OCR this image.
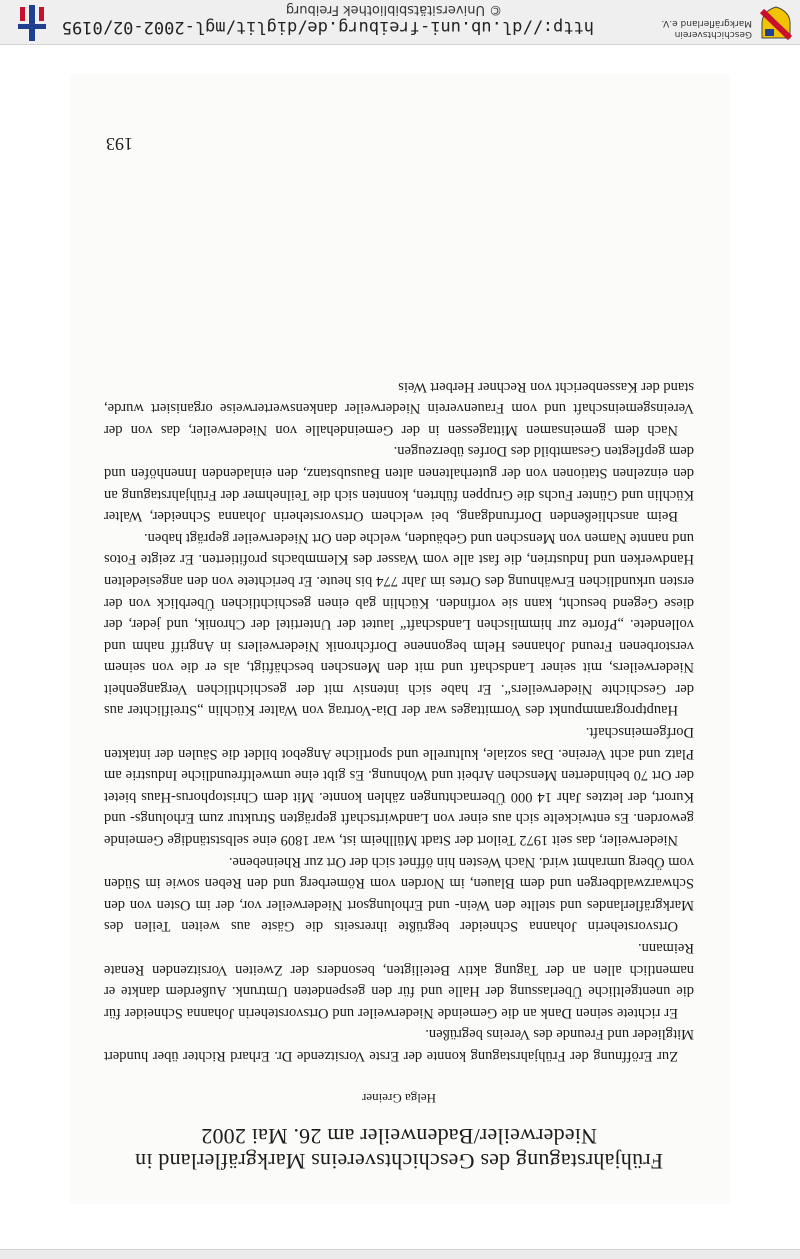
Frühjahrstagung des Geschichtsvereins Markgräflerland in Niederweiler/Badenweiler am 26. Mai 2002
Helga Greiner

Zur Eröffnung der Frühjahrstagung konnte der Erste Vorsitzende Dr. Erhard Richter über hundert Mitglieder und Freunde des Vereins begrüßen.

Er richtete seinen Dank an die Gemeinde Niederweiler und Ortsvorsteherin Johanna Schneider für die unentgeltliche Überlassung der Halle und für den gespendeten Umtrunk. Außerdem dankte er namentlich allen an der Tagung aktiv Beteiligten, besonders der Zweiten Vorsitzenden Renate Reimann.

Ortsvorsteherin Johanna Schneider begrüßte ihrerseits die Gäste aus weiten Teilen des Markgräflerlandes und stellte den Wein- und Erholungsort Niederweiler vor, der im Osten von den Schwarzwaldbergen und dem Blauen, im Norden vom Römerberg und den Reben sowie im Süden vom Öberg umrahmt wird. Nach Westen hin öffnet sich der Ort zur Rheinebene.

Niederweiler, das seit 1972 Teilort der Stadt Müllheim ist, war 1809 eine selbstständige Gemeinde geworden. Es entwickelte sich aus einer von Landwirtschaft geprägten Struktur zum Erholungs- und Kurort, der letztes Jahr 14 000 Übernachtungen zählen konnte. Mit dem Christophorus-Haus bietet der Ort 70 behinderten Menschen Arbeit und Wohnung. Es gibt eine umweltfreundliche Industrie am Platz und acht Vereine. Das soziale, kulturelle und sportliche Angebot bildet die Säulen der intakten Dorfgemeinschaft.

Hauptprogrammpunkt des Vormittages war der Dia-Vortrag von Walter Küchlin „Streiflichter aus der Geschichte Niederweilers“. Er habe sich intensiv mit der geschichtlichen Vergangenheit Niederweilers, mit seiner Landschaft und mit den Menschen beschäftigt, als er die von seinem verstorbenen Freund Johannes Helm begonnene Dorfchronik Niederweilers in Angriff nahm und vollendete. „Pforte zur himmlischen Landschaft“ lautet der Untertitel der Chronik, und jeder, der diese Gegend besucht, kann sie vorfinden. Küchlin gab einen geschichtlichen Überblick von der ersten urkundlichen Erwähnung des Ortes im Jahr 774 bis heute. Er berichtete von den angesiedelten Handwerken und Industrien, die fast alle vom Wasser des Klemmbachs profitierten. Er zeigte Fotos und nannte Namen von Menschen und Gebäuden, welche den Ort Niederweiler geprägt haben.

Beim anschließenden Dorfrundgang, bei welchem Ortsvorsteherin Johanna Schneider, Walter Küchlin und Günter Fuchs die Gruppen führten, konnten sich die Teilnehmer der Frühjahrstagung an den einzelnen Stationen von der guterhaltenen alten Bausubstanz, den einladenden Innenhöfen und dem gepflegten Gesamtbild des Dorfes überzeugen.

Nach dem gemeinsamen Mittagessen in der Gemeindehalle von Niederweiler, das von der Vereinsgemeinschaft und vom Frauenverein Niederweiler dankenswerterweise organisiert wurde, stand der Kassenbericht von Rechner Herbert Weis

193
Geschichtsverein Markgräflerland e.V.
http://dl.ub.uni-freiburg.de/diglit/mgl-2002-02/0195
© Universitätsbibliothek Freiburg
